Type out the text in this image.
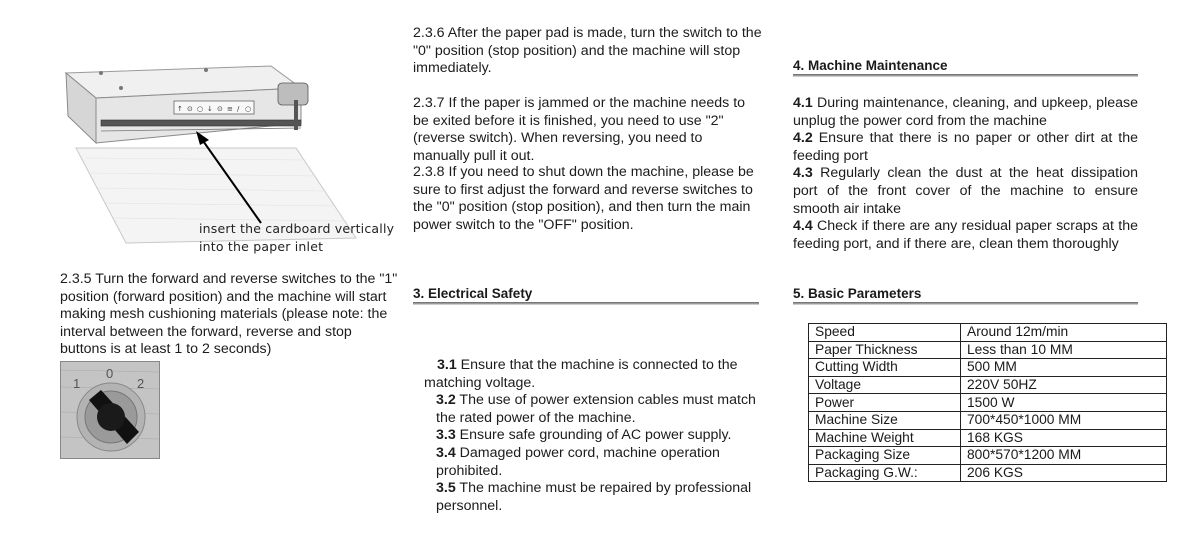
↑ ⊙ ○ ↓ ⊙ ≡ / ○
insert the cardboard vertically
into the paper inlet
2.3.5 Turn the forward and reverse switches to the "1" position (forward position) and the machine will start making mesh cushioning materials (please note: the interval between the forward, reverse and stop buttons is at least 1 to 2 seconds)
1
0
2
2.3.6 After the paper pad is made, turn the switch to the "0" position (stop position) and the machine will stop immediately.
2.3.7 If the paper is jammed or the machine needs to be exited before it is finished, you need to use "2" (reverse switch). When reversing, you need to manually pull it out.
2.3.8 If you need to shut down the machine, please be sure to first adjust the forward and reverse switches to the "0" position (stop position), and then turn the main power switch to the "OFF" position.
3. Electrical Safety
3.1 Ensure that the machine is connected to the matching voltage.
3.2 The use of power extension cables must match the rated power of the machine.
3.3 Ensure safe grounding of AC power supply.
3.4 Damaged power cord, machine operation prohibited.
3.5 The machine must be repaired by professional personnel.
4. Machine Maintenance
4.1 During maintenance, cleaning, and upkeep, please unplug the power cord from the machine
4.2 Ensure that there is no paper or other dirt at the feeding port
4.3 Regularly clean the dust at the heat dissipation port of the front cover of the machine to ensure smooth air intake
4.4 Check if there are any residual paper scraps at the feeding port, and if there are, clean them thoroughly
5. Basic Parameters
Speed	Around 12m/min
Paper Thickness	Less than 10 MM
Cutting Width	500 MM
Voltage	220V 50HZ
Power	1500 W
Machine Size	700*450*1000 MM
Machine Weight	168 KGS
Packaging Size	800*570*1200 MM
Packaging G.W.:	206 KGS
